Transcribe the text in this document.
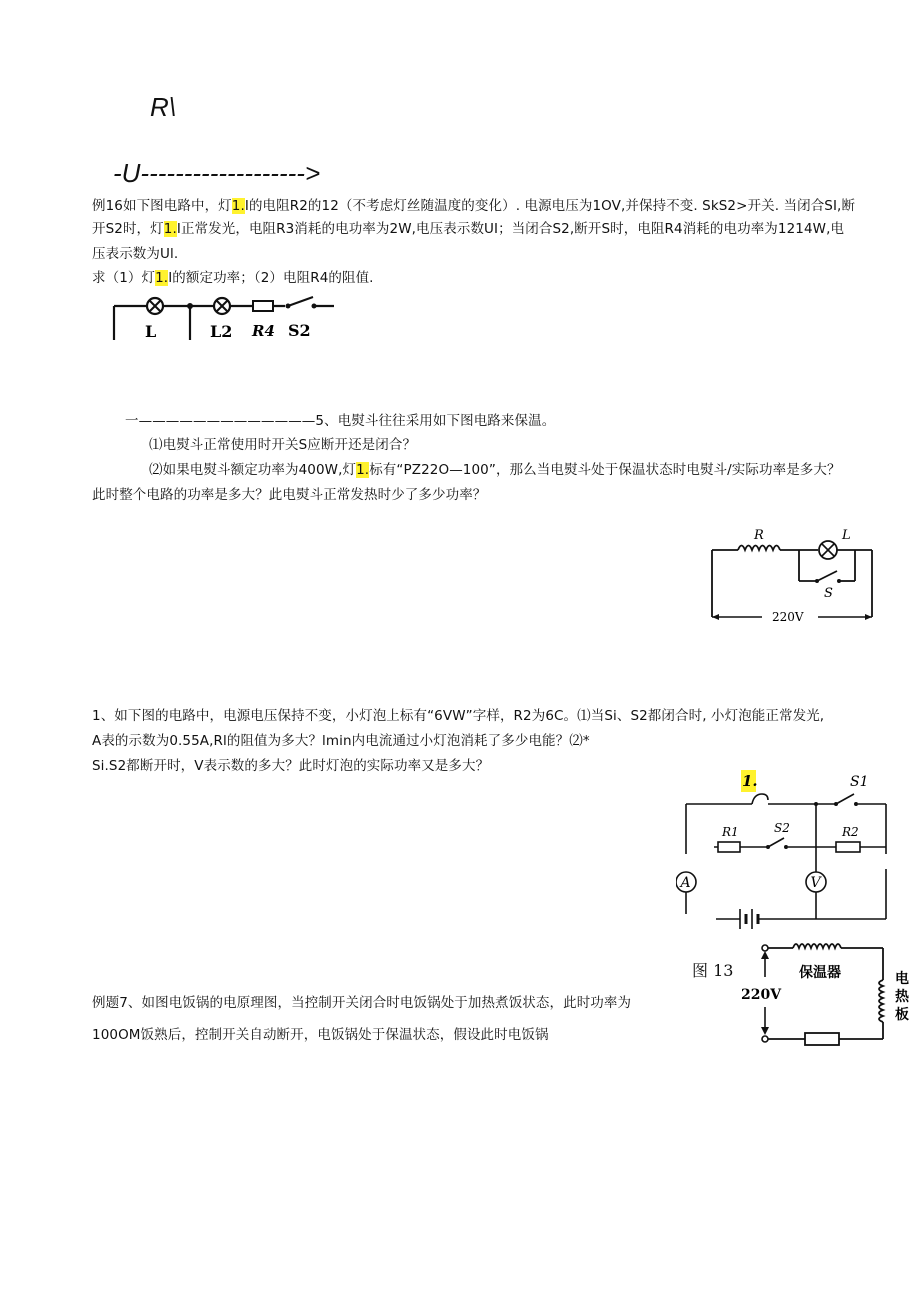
R\
-U------------------->
例16如下图电路中，灯1.I的电阻R2的12（不考虑灯丝随温度的变化）. 电源电压为1OV,并保持不变. SkS2>开关. 当闭合SI,断
开S2时，灯1.I正常发光，电阻R3消耗的电功率为2W,电压表示数UI；当闭合S2,断开S时，电阻R4消耗的电功率为1214W,电
压表示数为Ul.
求（1）灯1.I的额定功率；（2）电阻R4的阻值.
L	L2 R4 S2
一—————————————5、电熨斗往往采用如下图电路来保温。
⑴电熨斗正常使用时开关S应断开还是闭合？
⑵如果电熨斗额定功率为400W,灯1.标有“PZ22O—100”，那么当电熨斗处于保温状态时电熨斗/实际功率是多大？
此时整个电路的功率是多大？此电熨斗正常发热时少了多少功率？
R	L
S
220V
1、如下图的电路中，电源电压保持不变，小灯泡上标有“6VW”字样，R2为6C。⑴当Si、S2都闭合时, 小灯泡能正常发光,
A表的示数为0.55A,Rl的阻值为多大？lmin内电流通过小灯泡消耗了多少电能？⑵*
Si.S2都断开时，V表示数的多大？此时灯泡的实际功率又是多大？
1.	S1
R1	S2	R2
A	V
图 13
例题7、如图电饭锅的电原理图，当控制开关闭合时电饭锅处于加热煮饭状态，此时功率为
100OM饭熟后，控制开关自动断开，电饭锅处于保温状态，假设此时电饭锅
220V
保温器	电
热
板
